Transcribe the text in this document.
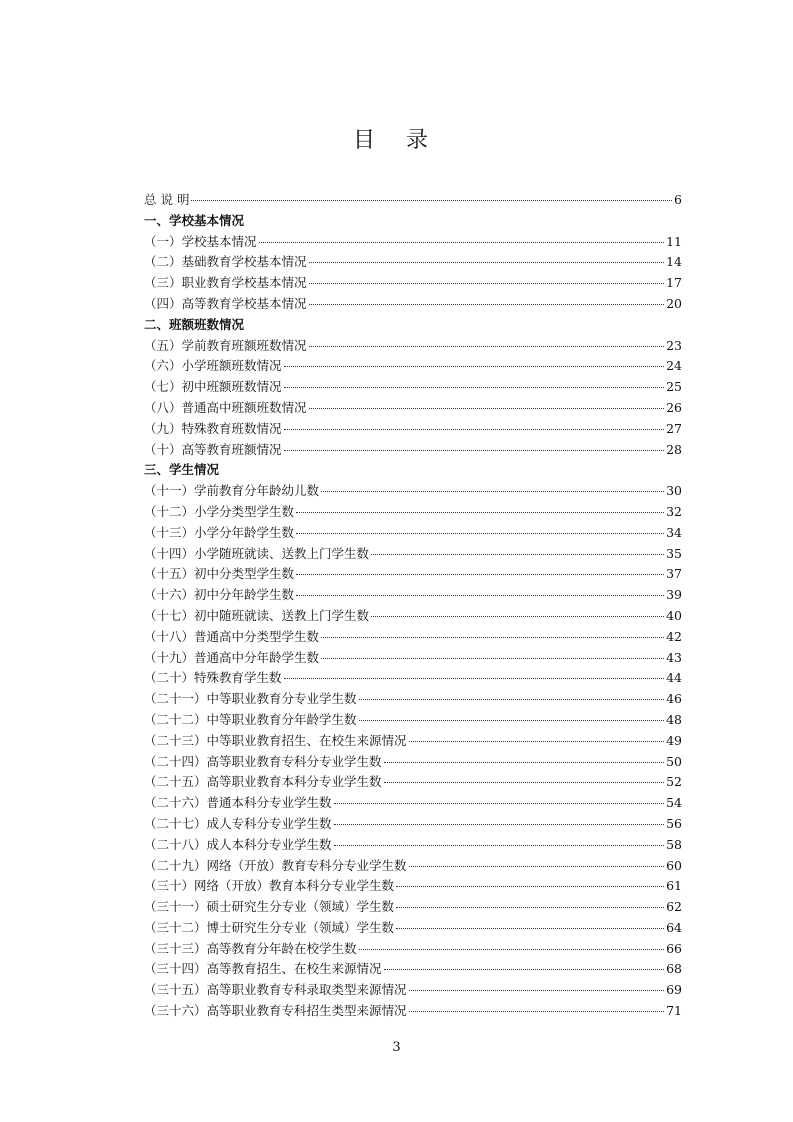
目 录
总 说 明	6
一、学校基本情况
（一）学校基本情况	11
（二）基础教育学校基本情况	14
（三）职业教育学校基本情况	17
（四）高等教育学校基本情况	20
二、班额班数情况
（五）学前教育班额班数情况	23
（六）小学班额班数情况	24
（七）初中班额班数情况	25
（八）普通高中班额班数情况	26
（九）特殊教育班数情况	27
（十）高等教育班额情况	28
三、学生情况
（十一）学前教育分年龄幼儿数	30
（十二）小学分类型学生数	32
（十三）小学分年龄学生数	34
（十四）小学随班就读、送教上门学生数	35
（十五）初中分类型学生数	37
（十六）初中分年龄学生数	39
（十七）初中随班就读、送教上门学生数	40
（十八）普通高中分类型学生数	42
（十九）普通高中分年龄学生数	43
（二十）特殊教育学生数	44
（二十一）中等职业教育分专业学生数	46
（二十二）中等职业教育分年龄学生数	48
（二十三）中等职业教育招生、在校生来源情况	49
（二十四）高等职业教育专科分专业学生数	50
（二十五）高等职业教育本科分专业学生数	52
（二十六）普通本科分专业学生数	54
（二十七）成人专科分专业学生数	56
（二十八）成人本科分专业学生数	58
（二十九）网络（开放）教育专科分专业学生数	60
（三十）网络（开放）教育本科分专业学生数	61
（三十一）硕士研究生分专业（领域）学生数	62
（三十二）博士研究生分专业（领域）学生数	64
（三十三）高等教育分年龄在校学生数	66
（三十四）高等教育招生、在校生来源情况	68
（三十五）高等职业教育专科录取类型来源情况	69
（三十六）高等职业教育专科招生类型来源情况	71
3
